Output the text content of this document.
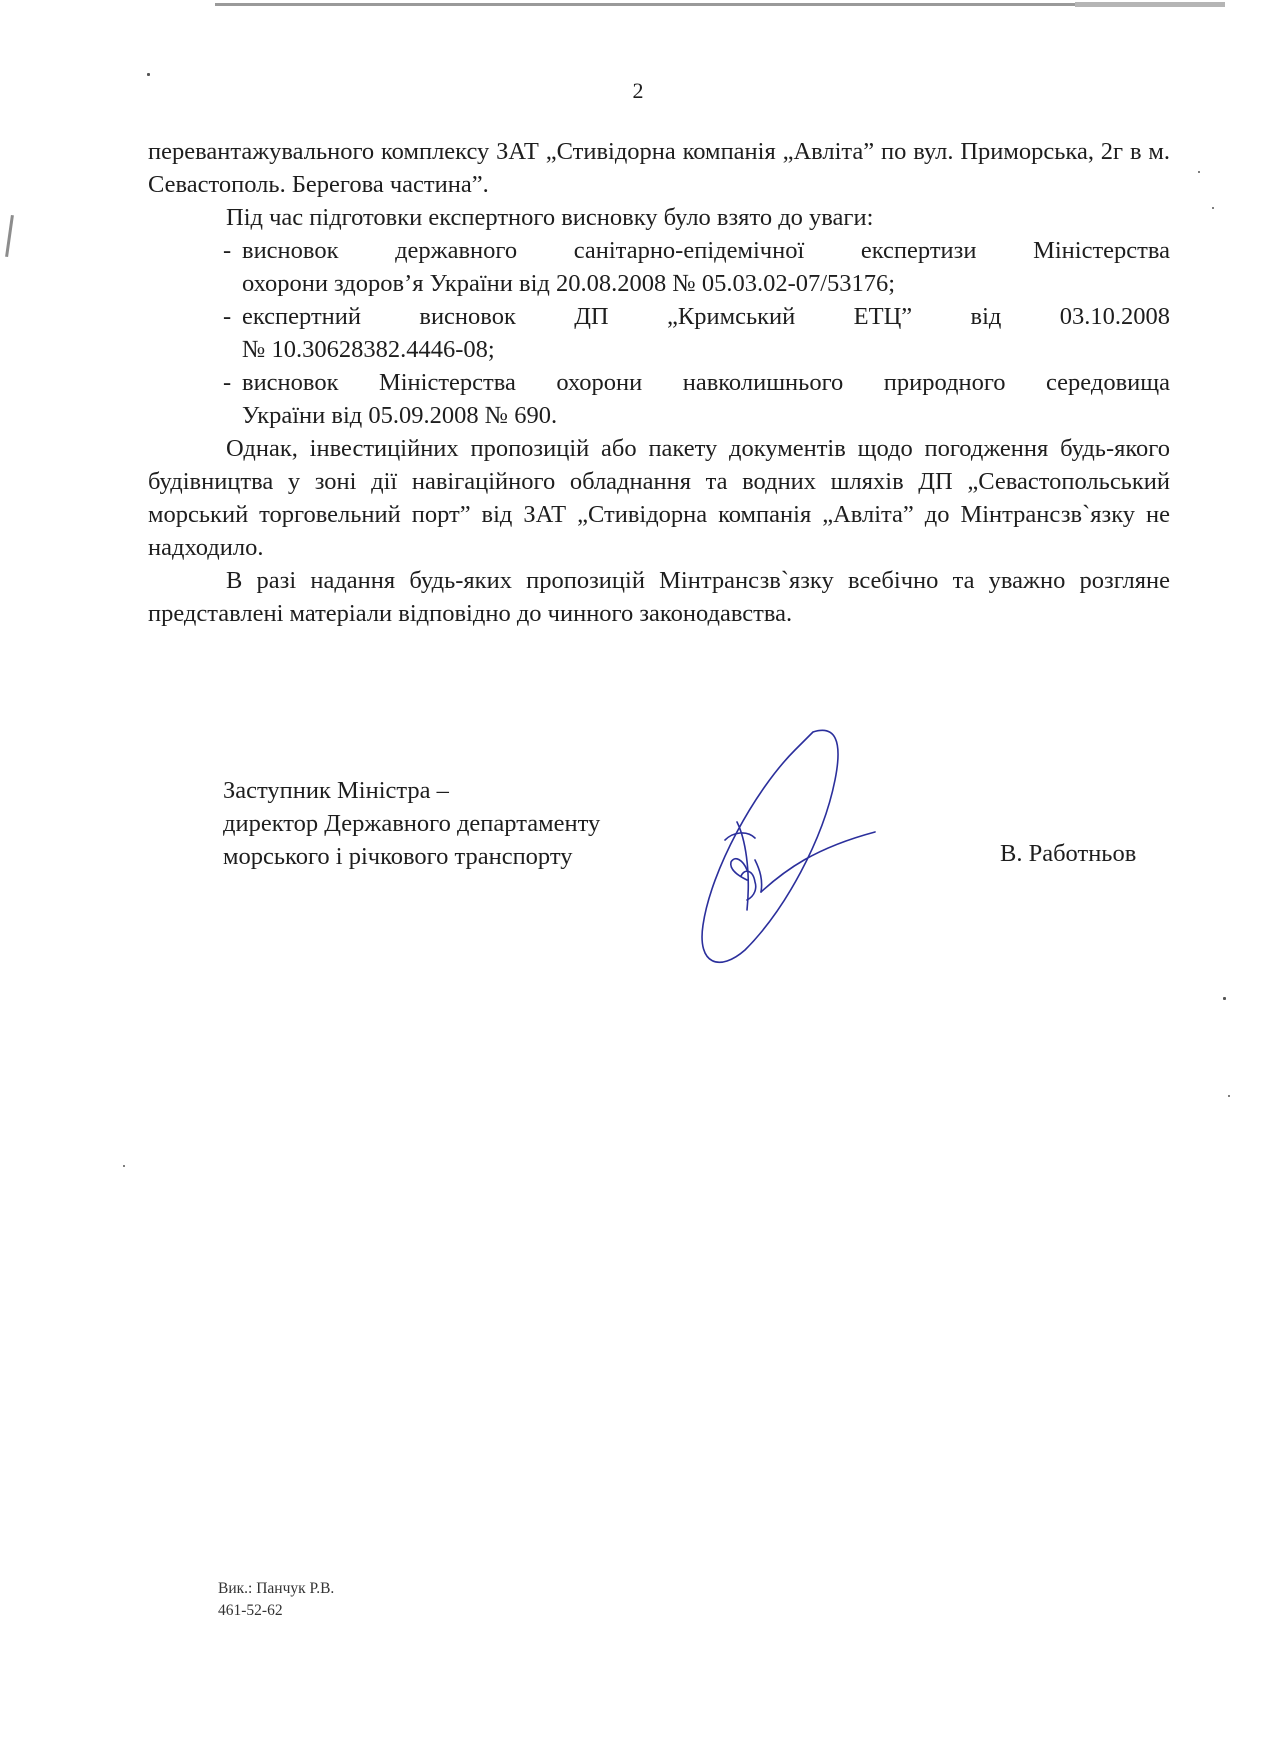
2

перевантажувального комплексу ЗАТ „Стивідорна компанія „Авліта” по вул. Приморська, 2г в м. Севастополь. Берегова частина”.

Під час підготовки експертного висновку було взято до уваги:

- висновок державного санітарно-епідемічної експертизи Міністерства
охорони здоров’я України від 20.08.2008 № 05.03.02-07/53176;
- експертний висновок ДП „Кримський ЕТЦ” від 03.10.2008
№ 10.30628382.4446-08;
- висновок Міністерства охорони навколишнього природного середовища
України від 05.09.2008 № 690.

Однак, інвестиційних пропозицій або пакету документів щодо погодження будь-якого будівництва у зоні дії навігаційного обладнання та водних шляхів ДП „Севастопольський морський торговельний порт” від ЗАТ „Стивідорна компанія „Авліта” до Мінтрансзв`язку не надходило.

В разі надання будь-яких пропозицій Мінтрансзв`язку всебічно та уважно розгляне представлені матеріали відповідно до чинного законодавства.

Заступник Міністра –
директор Державного департаменту
морського і річкового транспорту	В. Работньов
Вик.: Панчук Р.В.
461-52-62
